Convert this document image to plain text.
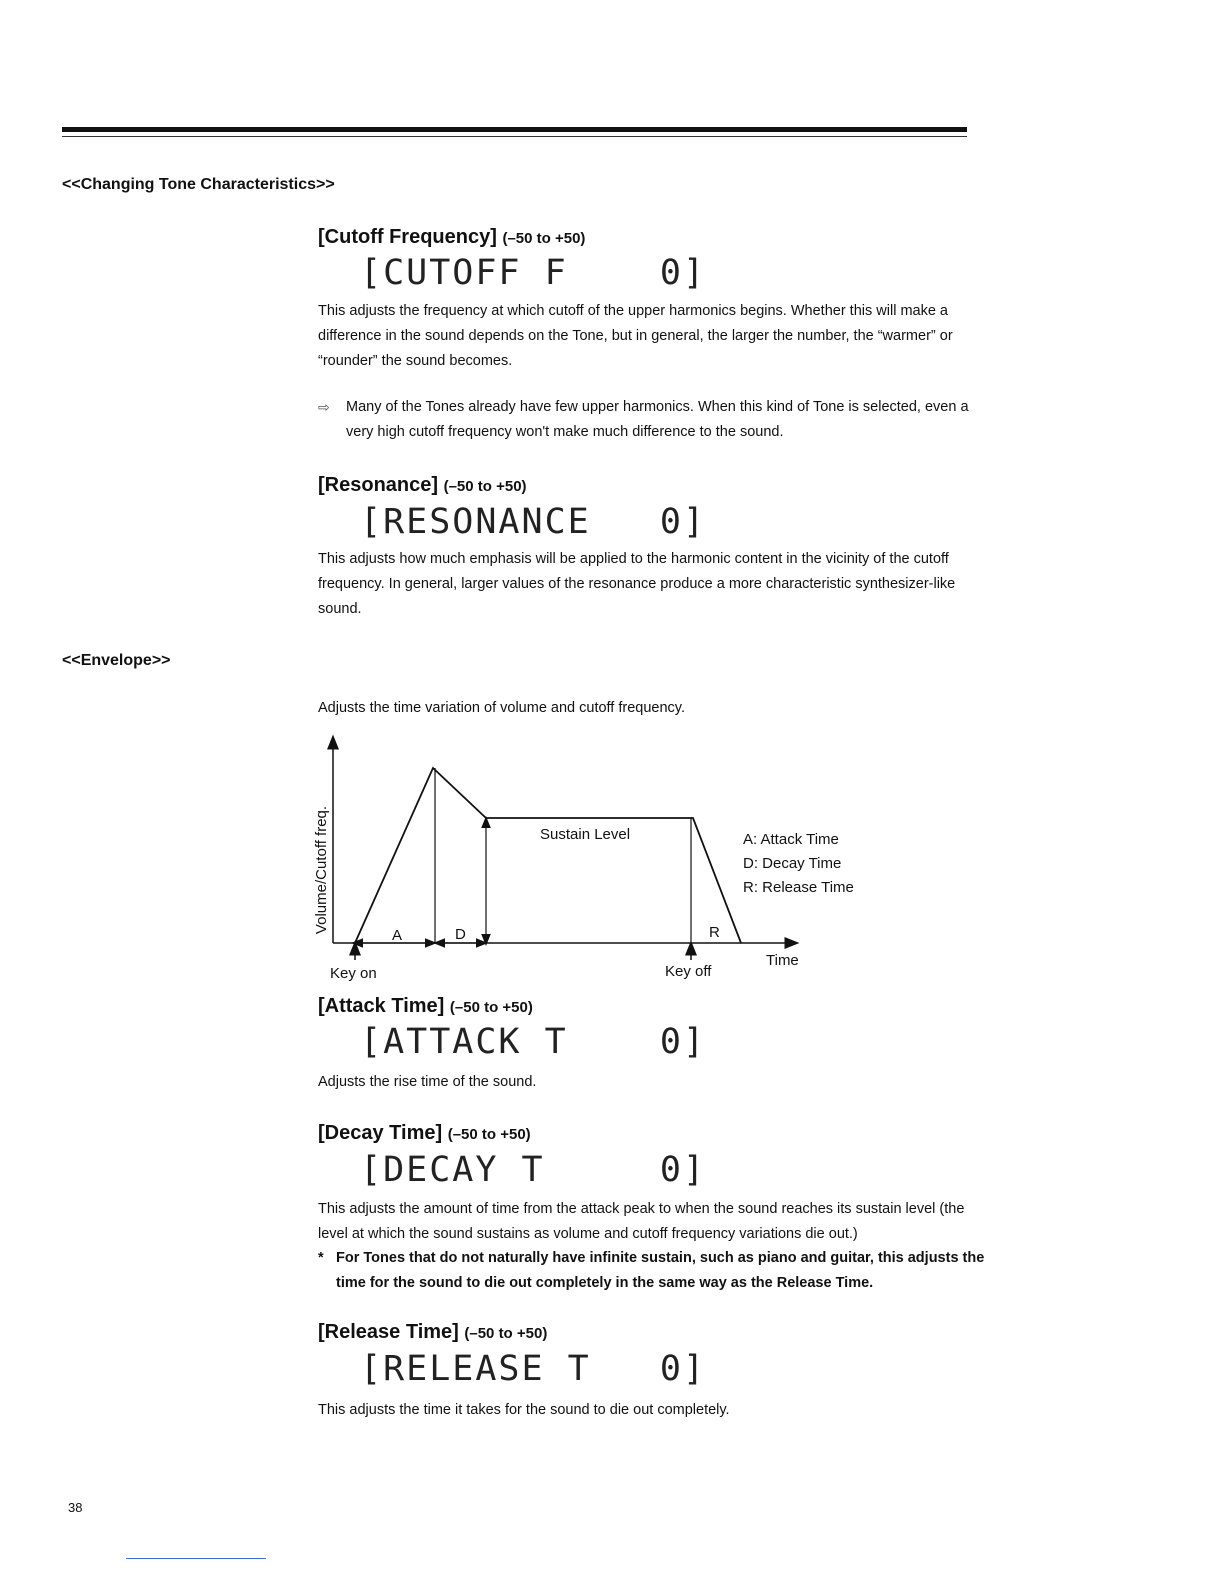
<<Changing Tone Characteristics>>
[Cutoff Frequency] (–50 to +50)

[CUTOFF F    0]

This adjusts the frequency at which cutoff of the upper harmonics begins. Whether this will make a difference in the sound depends on the Tone, but in general, the larger the number, the “warmer” or “rounder” the sound becomes.

⇨ Many of the Tones already have few upper harmonics. When this kind of Tone is selected, even a very high cutoff frequency won't make much difference to the sound.

[Resonance] (–50 to +50)

[RESONANCE   0]

This adjusts how much emphasis will be applied to the harmonic content in the vicinity of the cutoff frequency. In general, larger values of the resonance produce a more characteristic synthesizer-like sound.

<<Envelope>>

Adjusts the time variation of volume and cutoff frequency.

Volume/Cutoff freq.	Sustain Level
A	D	R
Key on	Key off
Time
A: Attack Time
D: Decay Time
R: Release Time
[Attack Time] (–50 to +50)

[ATTACK T    0]

Adjusts the rise time of the sound.

[Decay Time] (–50 to +50)

[DECAY T     0]

This adjusts the amount of time from the attack peak to when the sound reaches its sustain level (the level at which the sound sustains as volume and cutoff frequency variations die out.)

* For Tones that do not naturally have infinite sustain, such as piano and guitar, this adjusts the time for the sound to die out completely in the same way as the Release Time.

[Release Time] (–50 to +50)

[RELEASE T   0]

This adjusts the time it takes for the sound to die out completely.

38
